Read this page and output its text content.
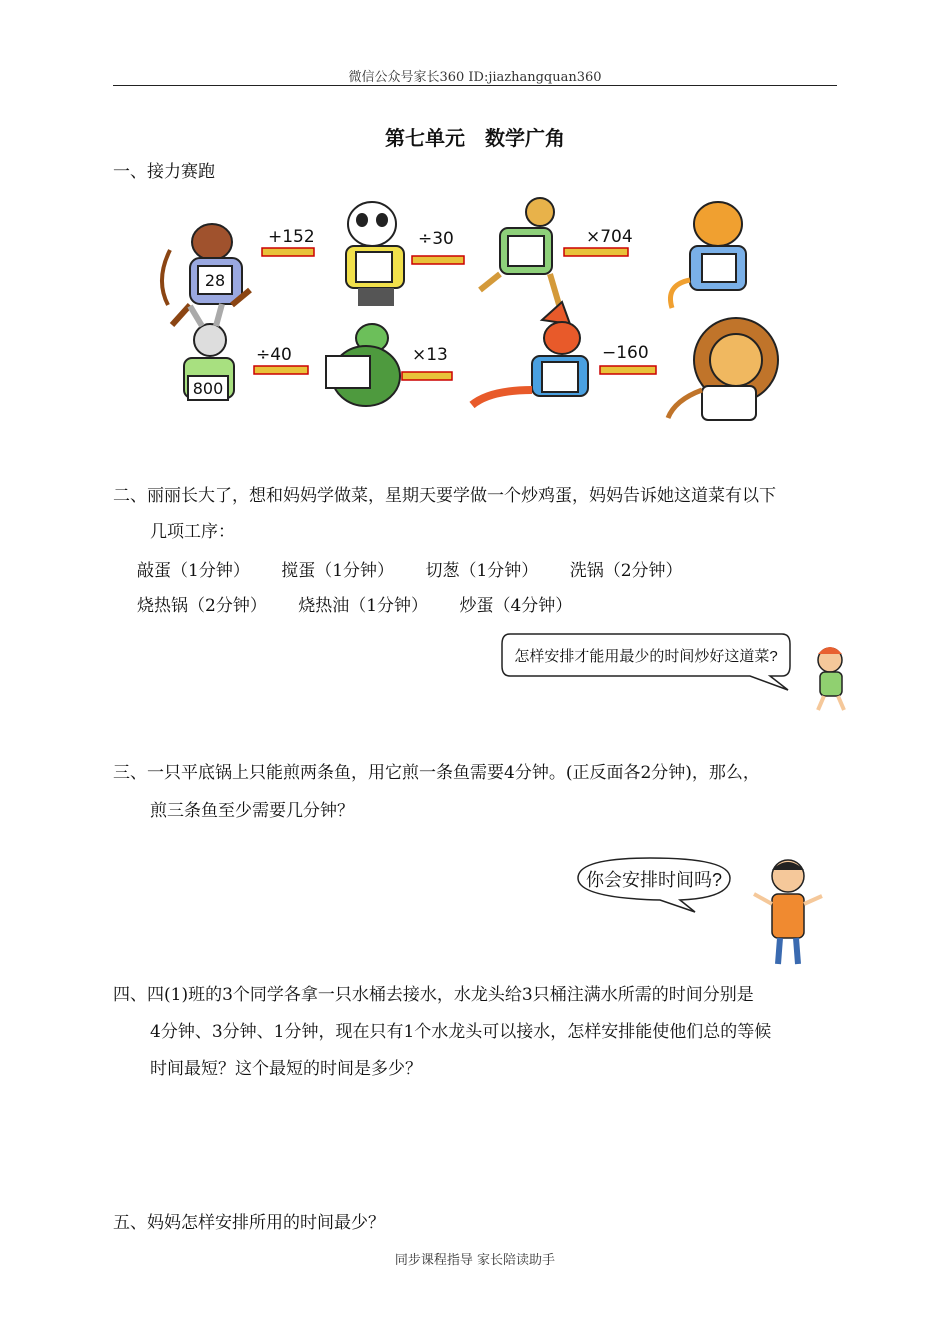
微信公众号家长360 ID:jiazhangquan360
第七单元　数学广角
一、接力赛跑
28
+152	÷30	×704
800
÷40	×13	−160
二、丽丽长大了，想和妈妈学做菜，星期天要学做一个炒鸡蛋，妈妈告诉她这道菜有以下
几项工序：
敲蛋（1分钟） 搅蛋（1分钟） 切葱（1分钟） 洗锅（2分钟）
烧热锅（2分钟） 烧热油（1分钟） 炒蛋（4分钟）
怎样安排才能用最少的时间炒好这道菜?
三、一只平底锅上只能煎两条鱼，用它煎一条鱼需要4分钟。(正反面各2分钟)，那么，
煎三条鱼至少需要几分钟？
你会安排时间吗?
四、四(1)班的3个同学各拿一只水桶去接水，水龙头给3只桶注满水所需的时间分别是
4分钟、3分钟、1分钟，现在只有1个水龙头可以接水，怎样安排能使他们总的等候
时间最短？这个最短的时间是多少？
五、妈妈怎样安排所用的时间最少？
同步课程指导 家长陪读助手
